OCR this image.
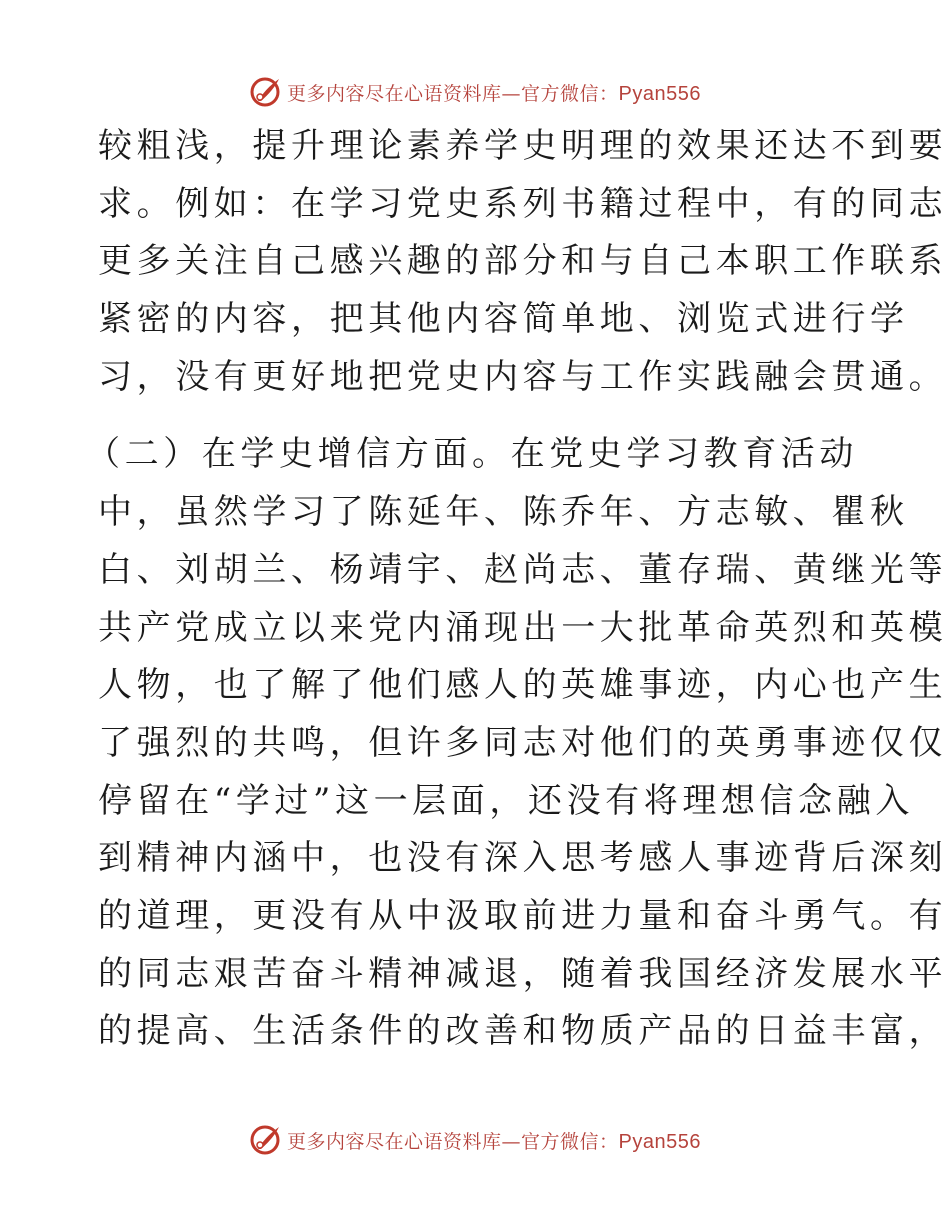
更多内容尽在心语资料库—官方微信：Pyan556
较粗浅，提升理论素养学史明理的效果还达不到要
求。例如：在学习党史系列书籍过程中，有的同志
更多关注自己感兴趣的部分和与自己本职工作联系
紧密的内容，把其他内容简单地、浏览式进行学
习，没有更好地把党史内容与工作实践融会贯通。
（二）在学史增信方面。在党史学习教育活动
中，虽然学习了陈延年、陈乔年、方志敏、瞿秋
白、刘胡兰、杨靖宇、赵尚志、董存瑞、黄继光等
共产党成立以来党内涌现出一大批革命英烈和英模
人物，也了解了他们感人的英雄事迹，内心也产生
了强烈的共鸣，但许多同志对他们的英勇事迹仅仅
停留在“学过”这一层面，还没有将理想信念融入
到精神内涵中，也没有深入思考感人事迹背后深刻
的道理，更没有从中汲取前进力量和奋斗勇气。有
的同志艰苦奋斗精神减退，随着我国经济发展水平
的提高、生活条件的改善和物质产品的日益丰富，
更多内容尽在心语资料库—官方微信：Pyan556
